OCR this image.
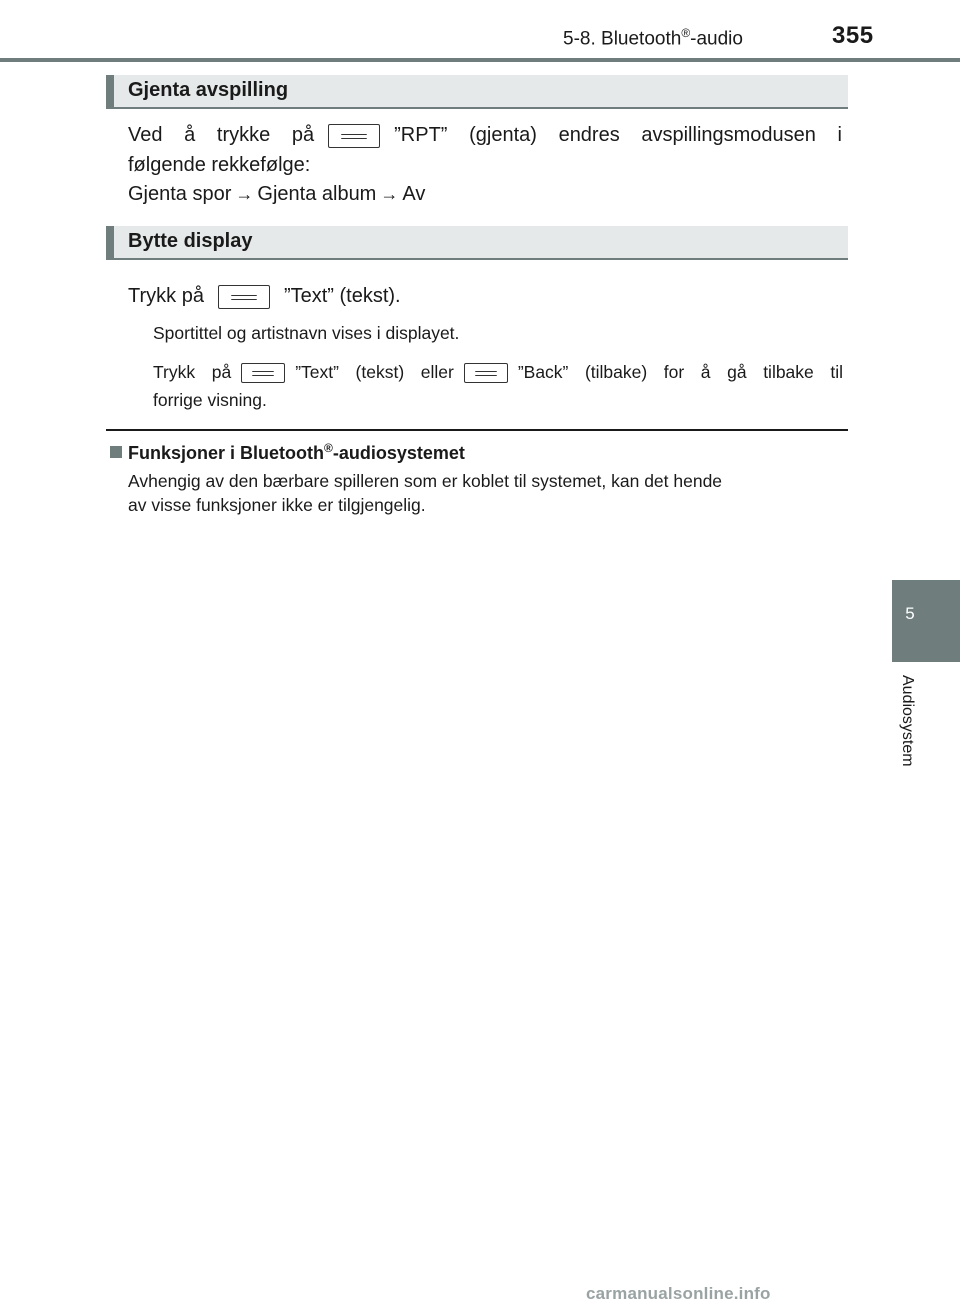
5-8. Bluetooth®-audio	355
5
Audiosystem
Gjenta avspilling
Ved å trykke på	”RPT” (gjenta) endres avspillingsmodusen i
følgende rekkefølge:
Gjenta spor → Gjenta album → Av
Bytte display
Trykk på	”Text” (tekst).
Sportittel og artistnavn vises i displayet.
Trykk på	”Text” (tekst) eller	”Back” (tilbake) for å gå tilbake til
forrige visning.
Funksjoner i Bluetooth®-audiosystemet
Avhengig av den bærbare spilleren som er koblet til systemet, kan det hende
av visse funksjoner ikke er tilgjengelig.
carmanualsonline.info
